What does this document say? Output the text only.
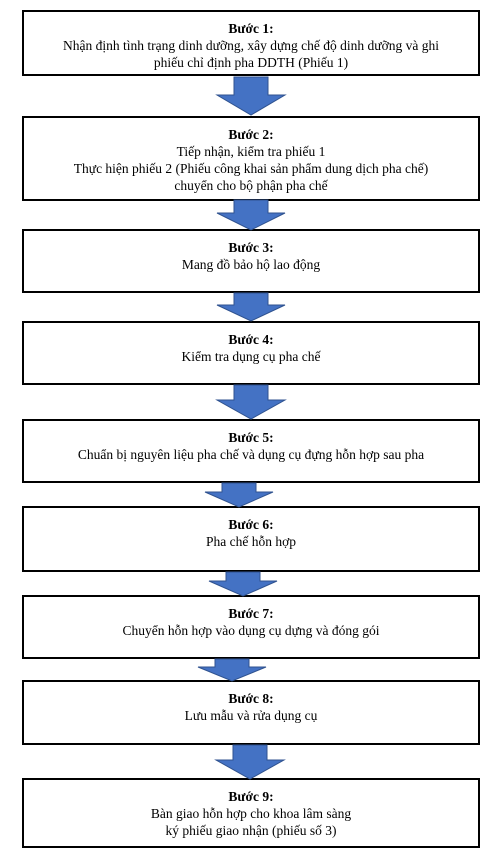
Bước 1:
Nhận định tình trạng dinh dưỡng, xây dựng chế độ dinh dưỡng và ghi
phiếu chỉ định pha DDTH (Phiếu 1)
Bước 2:
Tiếp nhận, kiểm tra phiếu 1
Thực hiện phiếu 2 (Phiếu công khai sản phẩm dung dịch pha chế)
chuyển cho bộ phận pha chế
Bước 3:
Mang đồ bảo hộ lao động
Bước 4:
Kiểm tra dụng cụ pha chế
Bước 5:
Chuẩn bị nguyên liệu pha chế và dụng cụ đựng hỗn hợp sau pha
Bước 6:
Pha chế hỗn hợp
Bước 7:
Chuyển hỗn hợp vào dụng cụ dựng và đóng gói
Bước 8:
Lưu mẫu và rửa dụng cụ
Bước 9:
Bàn giao hỗn hợp cho khoa lâm sàng
ký phiếu giao nhận (phiếu số 3)
